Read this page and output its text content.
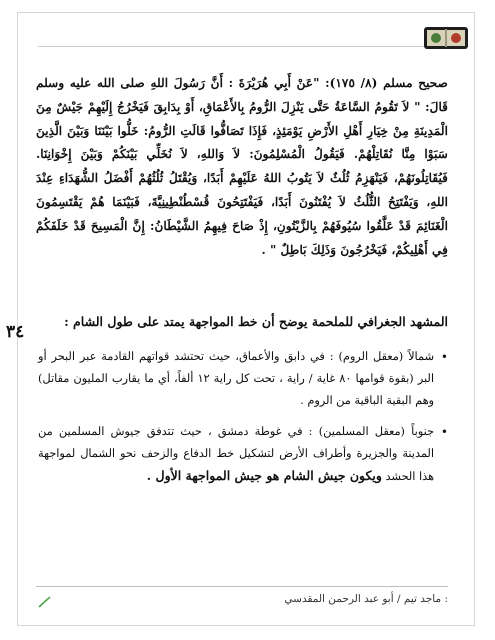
صحيح مسلم (٨/ ١٧٥): "عَنْ أَبِي هُرَيْرَةَ : أَنَّ رَسُولَ اللهِ صلى الله عليه وسلم قَالَ: " لاَ تَقُومُ السَّاعَةُ حَتَّى يَنْزِلَ الرُّومُ بِالأَعْمَاقِ، أَوْ بِدَابِقَ فَيَخْرُجُ إِلَيْهِمْ جَيْشٌ مِنَ الْمَدِينَةِ مِنْ خِيَارِ أَهْلِ الأَرْضِ يَوْمَئِذٍ، فَإِذَا تَصَافُّوا قَالَتِ الرُّومُ: خَلُّوا بَيْنَنَا وَبَيْنَ الَّذِينَ سَبَوْا مِنَّا نُقَاتِلْهُمْ. فَيَقُولُ الْمُسْلِمُونَ: لاَ وَاللهِ، لاَ نُخَلِّي بَيْنَكُمْ وَبَيْنَ إِخْوَانِنَا. فَيُقَاتِلُونَهُمْ، فَيَنْهَزِمُ ثُلُثٌ لاَ يَتُوبُ اللهُ عَلَيْهِمْ أَبَدًا، وَيُقْتَلُ ثُلُثُهُمْ أَفْضَلُ الشُّهَدَاءِ عِنْدَ اللهِ، وَيَفْتَتِحُ الثُّلُثُ لاَ يُفْتَنُونَ أَبَدًا، فَيَفْتَتِحُونَ قُسْطُنْطِينِيَّةَ، فَبَيْنَمَا هُمْ يَقْتَسِمُونَ الْغَنَائِمَ قَدْ عَلَّقُوا سُيُوفَهُمْ بِالزَّيْتُونِ، إِذْ صَاحَ فِيهِمُ الشَّيْطَانُ: إِنَّ الْمَسِيحَ قَدْ خَلَفَكُمْ فِي أَهْلِيكُمْ، فَيَخْرُجُونَ وَذَلِكَ بَاطِلٌ " .

٣٤
المشهد الجغرافي للملحمة يوضح أن خط المواجهة يمتد على طول الشام :
•
شمالاً (معقل الروم) : في دابق والأعماق، حيث تحتشد قواتهم القادمة عبر البحر أو البر (بقوة قوامها ٨٠ غاية / راية ، تحت كل راية ١٢ ألفاً، أي ما يقارب المليون مقاتل) وهم البقية الباقية من الروم .
•
جنوباً (معقل المسلمين) : في غوطة دمشق ، حيث تتدفق جيوش المسلمين من المدينة والجزيرة وأطراف الأرض لتشكيل خط الدفاع والزحف نحو الشمال لمواجهة هذا الحشد ويكون جيش الشام هو جيش المواجهة الأول .
: ماجد تيم / أبو عبد الرحمن المقدسي
